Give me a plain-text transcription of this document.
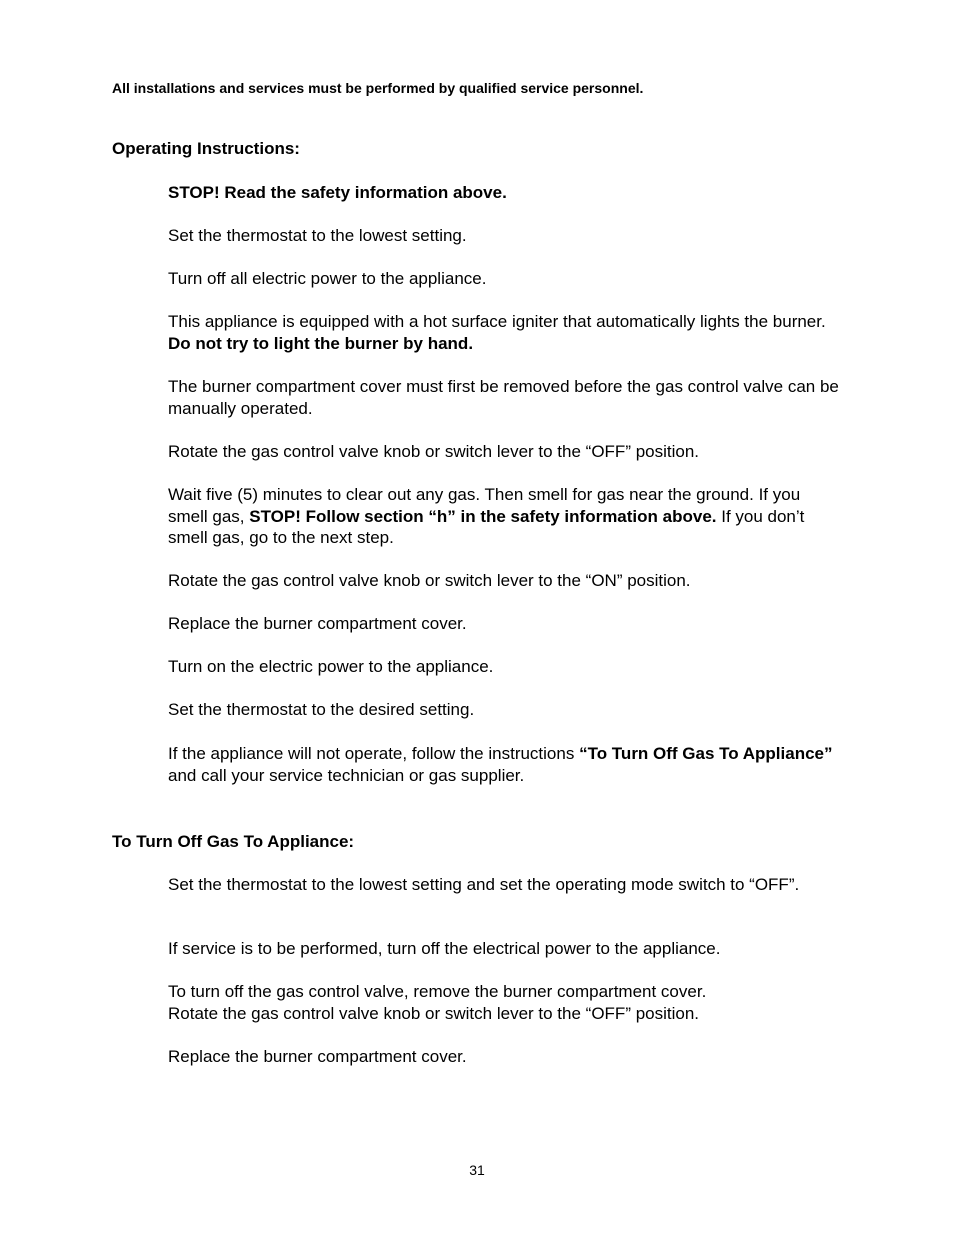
All installations and services must be performed by qualified service personnel.

Operating Instructions:

STOP! Read the safety information above.

Set the thermostat to the lowest setting.

Turn off all electric power to the appliance.

This appliance is equipped with a hot surface igniter that automatically lights the burner. Do not try to light the burner by hand.

The burner compartment cover must first be removed before the gas control valve can be manually operated.

Rotate the gas control valve knob or switch lever to the “OFF” position.

Wait five (5) minutes to clear out any gas. Then smell for gas near the ground. If you smell gas, STOP! Follow section “h” in the safety information above. If you don’t smell gas, go to the next step.

Rotate the gas control valve knob or switch lever to the “ON” position.

Replace the burner compartment cover.

Turn on the electric power to the appliance.

Set the thermostat to the desired setting.

If the appliance will not operate, follow the instructions “To Turn Off Gas To Appliance” and call your service technician or gas supplier.

To Turn Off Gas To Appliance:

Set the thermostat to the lowest setting and set the operating mode switch to “OFF”.

If service is to be performed, turn off the electrical power to the appliance.

To turn off the gas control valve, remove the burner compartment cover.
Rotate the gas control valve knob or switch lever to the “OFF” position.

Replace the burner compartment cover.

31
